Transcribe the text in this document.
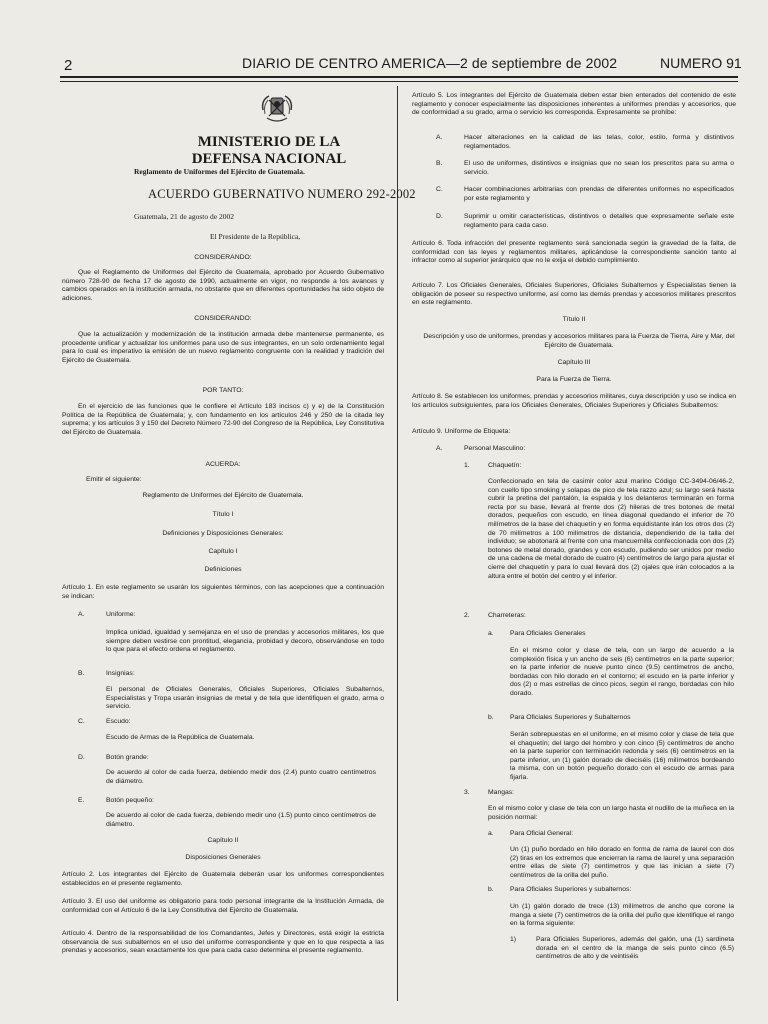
2	DIARIO DE CENTRO AMERICA—2 de septiembre de 2002	NUMERO 91
MINISTERIO DE LA
DEFENSA NACIONAL
Reglamento de Uniformes del Ejército de Guatemala.
ACUERDO GUBERNATIVO NUMERO 292-2002
Guatemala, 21 de agosto de 2002
El Presidente de la República,
CONSIDERANDO:
Que el Reglamento de Uniformes del Ejército de Guatemala, aprobado por Acuerdo Gubernativo número 728-90 de fecha 17 de agosto de 1990, actualmente en vigor, no responde a los avances y cambios operados en la institución armada, no obstante que en diferentes oportunidades ha sido objeto de adiciones.
CONSIDERANDO:
Que la actualización y modernización de la institución armada debe mantenerse permanente, es procedente unificar y actualizar los uniformes para uso de sus integrantes, en un solo ordenamiento legal para lo cual es imperativo la emisión de un nuevo reglamento congruente con la realidad y tradición del Ejército de Guatemala.
POR TANTO:
En el ejercicio de las funciones que le confiere el Artículo 183 incisos c) y e) de la Constitución Política de la República de Guatemala; y, con fundamento en los artículos 246 y 250 de la citada ley suprema; y los artículos 3 y 150 del Decreto Número 72-90 del Congreso de la República, Ley Constitutiva del Ejército de Guatemala.
ACUERDA:
Emitir el siguiente:
Reglamento de Uniformes del Ejército de Guatemala.
Título I
Definiciones y Disposiciones Generales:
Capítulo I
Definiciones
Artículo 1. En este reglamento se usarán los siguientes términos, con las acepciones que a continuación se indican:
A.	Uniforme:
Implica unidad, igualdad y semejanza en el uso de prendas y accesorios militares, los que siempre deben vestirse con prontitud, elegancia, probidad y decoro, observándose en todo lo que para el efecto ordena el reglamento.
B.	Insignias:
El personal de Oficiales Generales, Oficiales Superiores, Oficiales Subalternos, Especialistas y Tropa usarán insignias de metal y de tela que identifiquen el grado, arma o servicio.
C.	Escudo:
Escudo de Armas de la República de Guatemala.
D.	Botón grande:
De acuerdo al color de cada fuerza, debiendo medir dos (2.4) punto cuatro centímetros de diámetro.
E.	Botón pequeño:
De acuerdo al color de cada fuerza, debiendo medir uno (1.5) punto cinco centímetros de diámetro.
Capítulo II
Disposiciones Generales
Artículo 2. Los integrantes del Ejército de Guatemala deberán usar los uniformes correspondientes establecidos en el presente reglamento.
Artículo 3. El uso del uniforme es obligatorio para todo personal integrante de la Institución Armada, de conformidad con el Artículo 6 de la Ley Constitutiva del Ejército de Guatemala.
Artículo 4. Dentro de la responsabilidad de los Comandantes, Jefes y Directores, está exigir la estricta observancia de sus subalternos en el uso del uniforme correspondiente y que en lo que respecta a las prendas y accesorios, sean exactamente los que para cada caso determina el presente reglamento.
Artículo 5. Los integrantes del Ejército de Guatemala deben estar bien enterados del contenido de este reglamento y conocer especialmente las disposiciones inherentes a uniformes prendas y accesorios, que de conformidad a su grado, arma o servicio les corresponda. Expresamente se prohíbe:
A.	Hacer alteraciones en la calidad de las telas, color, estilo, forma y distintivos reglamentados.
B.	El uso de uniformes, distintivos e insignias que no sean los prescritos para su arma o servicio.
C.	Hacer combinaciones arbitrarias con prendas de diferentes uniformes no especificados por este reglamento y
D.	Suprimir u omitir características, distintivos o detalles que expresamente señale este reglamento para cada caso.
Artículo 6. Toda infracción del presente reglamento será sancionada según la gravedad de la falta, de conformidad con las leyes y reglamentos militares, aplicándose la correspondiente sanción tanto al infractor como al superior jerárquico que no le exija el debido cumplimiento.
Artículo 7. Los Oficiales Generales, Oficiales Superiores, Oficiales Subalternos y Especialistas tienen la obligación de poseer su respectivo uniforme, así como las demás prendas y accesorios militares prescritos en este reglamento.
Título II
Descripción y uso de uniformes, prendas y accesorios militares para la Fuerza de Tierra, Aire y Mar, del Ejército de Guatemala.
Capítulo III
Para la Fuerza de Tierra.
Artículo 8. Se establecen los uniformes, prendas y accesorios militares, cuya descripción y uso se indica en los artículos subsiguientes, para los Oficiales Generales, Oficiales Superiores y Oficiales Subalternos:
Artículo 9. Uniforme de Etiqueta:
A.	Personal Masculino:
1.	Chaquetín:
Confeccionado en tela de casimir color azul marino Código CC-3494-06/46-2, con cuello tipo smoking y solapas de pico de tela razzo azul; su largo será hasta cubrir la pretina del pantalón, la espalda y los delanteros terminarán en forma recta por su base, llevará al frente dos (2) hileras de tres botones de metal dorados, pequeños con escudo, en línea diagonal quedando el inferior de 70 milímetros de la base del chaquetín y en forma equidistante irán los otros dos (2) de 70 milímetros a 100 milímetros de distancia, dependiendo de la talla del individuo; se abotonará al frente con una mancuernilla confeccionada con dos (2) botones de metal dorado, grandes y con escudo, pudiendo ser unidos por medio de una cadena de metal dorado de cuatro (4) centímetros de largo para ajustar el cierre del chaquetín y para lo cual llevará dos (2) ojales que irán colocados a la altura entre el botón del centro y el inferior.
2.	Charreteras:
a. Para Oficiales Generales
En el mismo color y clase de tela, con un largo de acuerdo a la complexión física y un ancho de seis (6) centímetros en la parte superior; en la parte inferior de nueve punto cinco (9.5) centímetros de ancho, bordadas con hilo dorado en el contorno; el escudo en la parte inferior y dos (2) o mas estrellas de cinco picos, según el rango, bordadas con hilo dorado.
b. Para Oficiales Superiores y Subalternos
Serán sobrepuestas en el uniforme, en el mismo color y clase de tela que el chaquetín; del largo del hombro y con cinco (5) centímetros de ancho en la parte superior con terminación redonda y seis (6) centímetros en la parte inferior, un (1) galón dorado de dieciséis (16) milímetros bordeando la misma, con un botón pequeño dorado con el escudo de armas para fijarla.
3.	Mangas:
En el mismo color y clase de tela con un largo hasta el nudillo de la muñeca en la posición normal:
a. Para Oficial General:
Un (1) puño bordado en hilo dorado en forma de rama de laurel con dos (2) tiras en los extremos que encierran la rama de laurel y una separación entre ellas de siete (7) centímetros y que las inician a siete (7) centímetros de la orilla del puño.
b. Para Oficiales Superiores y subalternos:
Un (1) galón dorado de trece (13) milímetros de ancho que corone la manga a siete (7) centímetros de la orilla del puño que identifique el rango en la forma siguiente:
1)	Para Oficiales Superiores, además del galón, una (1) sardineta dorada en el centro de la manga de seis punto cinco (6.5) centímetros de alto y de veintiséis
